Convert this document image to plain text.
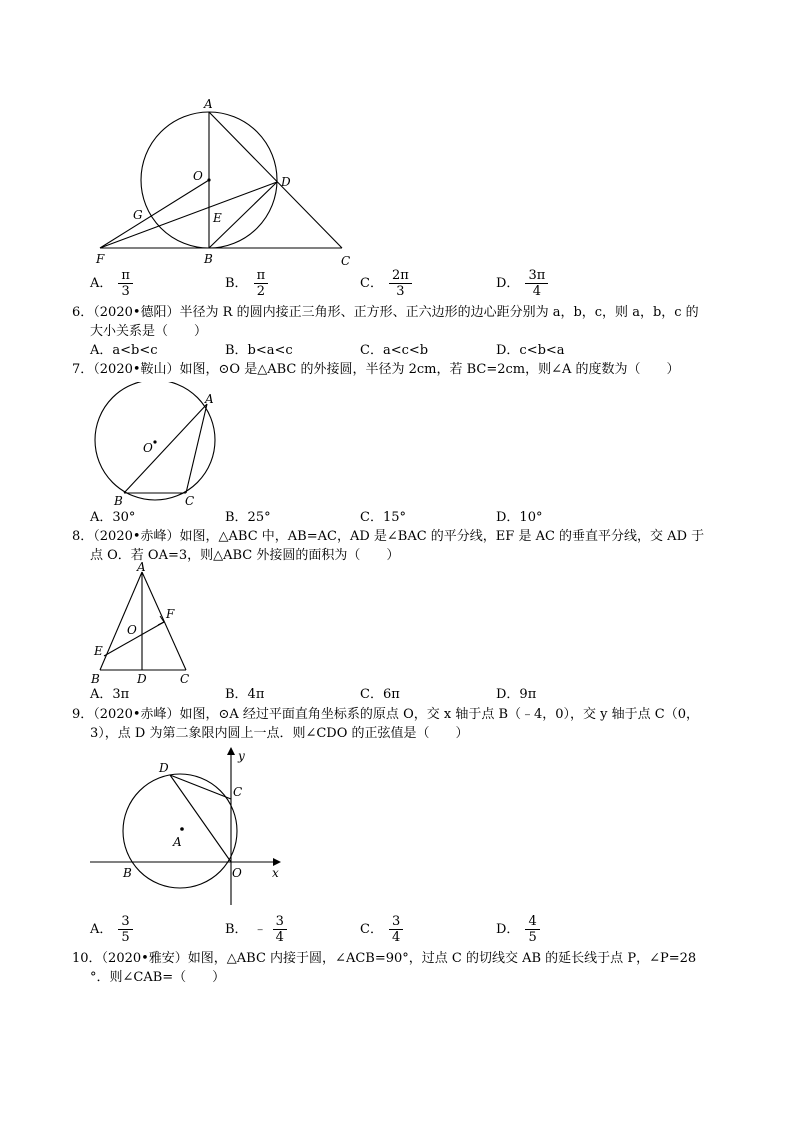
A
O	D
G	E
F	B	C
A． $\frac{\pi}{3}$	B． $\frac{\pi}{2}$	C． $\frac{2\pi}{3}$	D． $\frac{3\pi}{4}$
6．（2020•德阳）半径为 R 的圆内接正三角形、正方形、正六边形的边心距分别为 a，b，c，则 a，b，c 的
大小关系是（　　）
A．a<b<c	B．b<a<c	C．a<c<b	D．c<b<a
7．（2020•鞍山）如图，⊙O 是△ABC 的外接圆，半径为 2cm，若 BC=2cm，则∠A 的度数为（　　）
A
O
B	C
A．30°	B．25°	C．15°	D．10°
8．（2020•赤峰）如图，△ABC 中，AB=AC，AD 是∠BAC 的平分线，EF 是 AC 的垂直平分线，交 AD 于
点 O．若 OA=3，则△ABC 外接圆的面积为（　　）
A
F
O
E
B	D	C
A．3π	B．4π	C．6π	D．9π
9．（2020•赤峰）如图，⊙A 经过平面直角坐标系的原点 O，交 x 轴于点 B（﹣4，0），交 y 轴于点 C（0，
3），点 D 为第二象限内圆上一点．则∠CDO 的正弦值是（　　）
D
y
C
A
B	O	x
A． $\frac{3}{5}$	B． ﹣ $\frac{3}{4}$	C． $\frac{3}{4}$	D． $\frac{4}{5}$
10．（2020•雅安）如图，△ABC 内接于圆，∠ACB=90°，过点 C 的切线交 AB 的延长线于点 P，∠P=28
°．则∠CAB=（　　）
